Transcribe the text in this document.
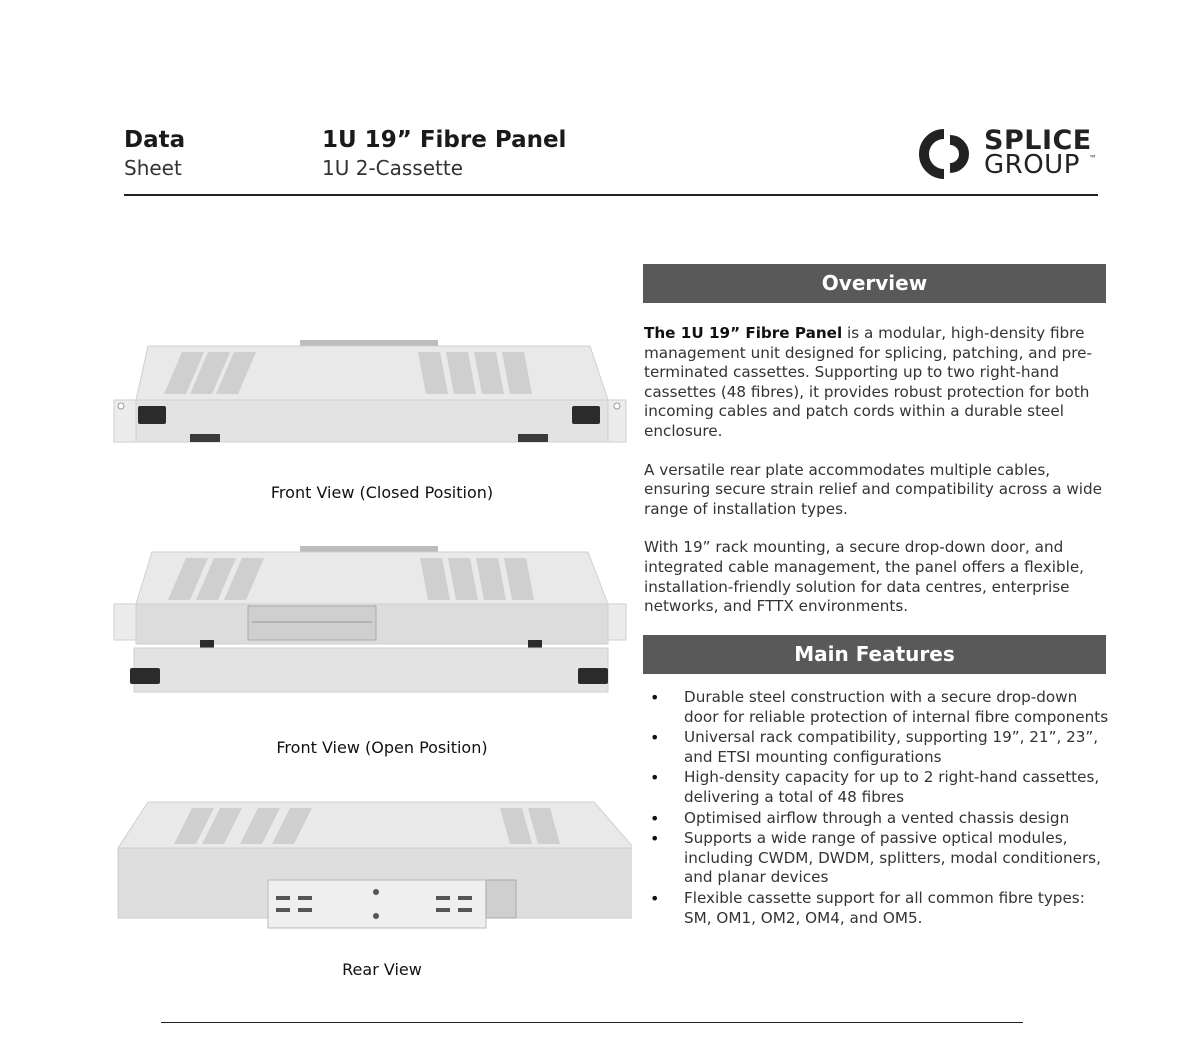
Data
Sheet
1U 19” Fibre Panel
1U 2-Cassette
SPLICE
GROUP ™
Front View (Closed Position)
Front View (Open Position)
Rear View
Overview

The 1U 19” Fibre Panel is a modular, high-density fibre management unit designed for splicing, patching, and pre-terminated cassettes. Supporting up to two right-hand cassettes (48 fibres), it provides robust protection for both incoming cables and patch cords within a durable steel enclosure.

A versatile rear plate accommodates multiple cables, ensuring secure strain relief and compatibility across a wide range of installation types.

With 19” rack mounting, a secure drop-down door, and integrated cable management, the panel offers a flexible, installation-friendly solution for data centres, enterprise networks, and FTTX environments.

Main Features
• Durable steel construction with a secure drop-down door for reliable protection of internal fibre components
• Universal rack compatibility, supporting 19”, 21”, 23”, and ETSI mounting configurations
• High-density capacity for up to 2 right-hand cassettes, delivering a total of 48 fibres
• Optimised airflow through a vented chassis design
• Supports a wide range of passive optical modules, including CWDM, DWDM, splitters, modal conditioners, and planar devices
• Flexible cassette support for all common fibre types: SM, OM1, OM2, OM4, and OM5.
